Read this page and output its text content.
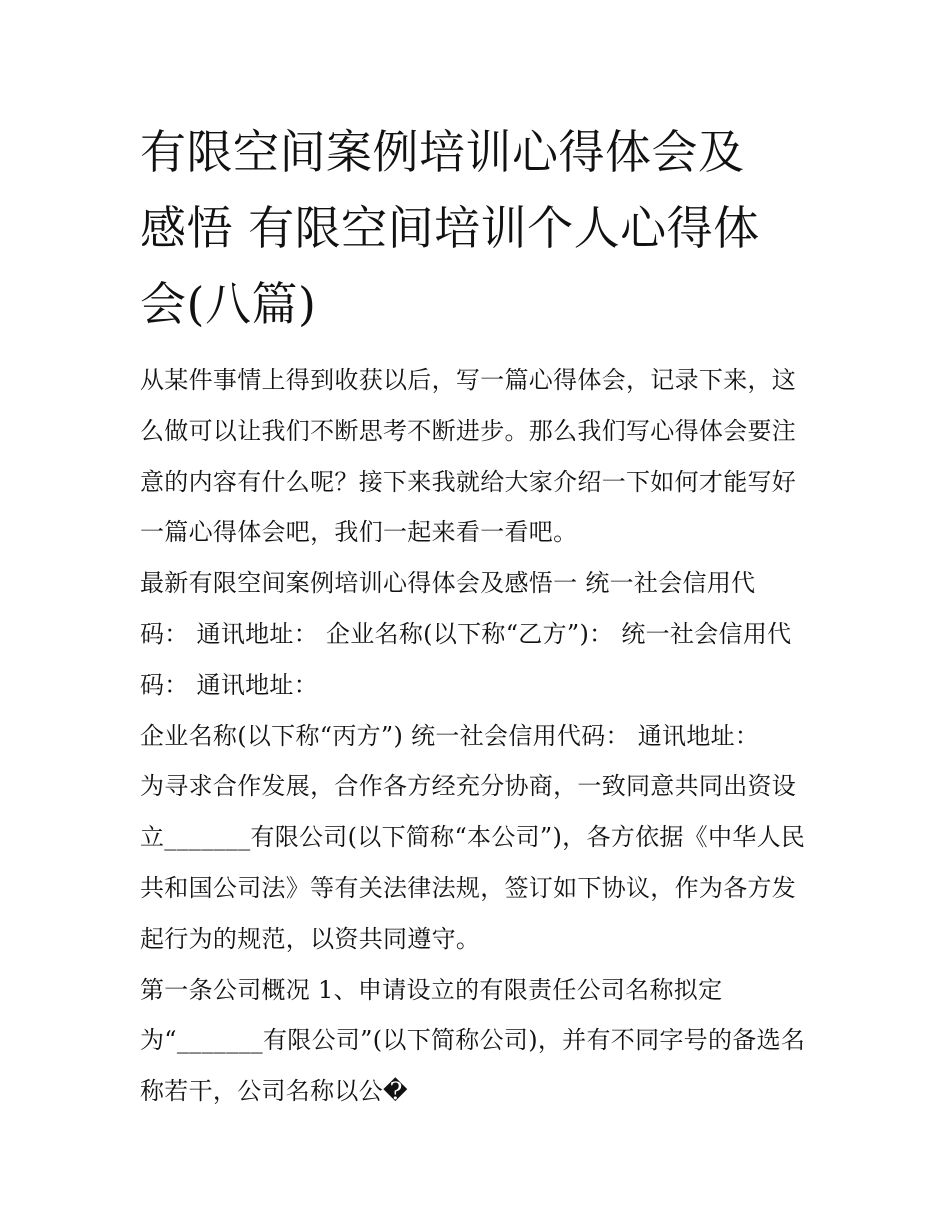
有限空间案例培训心得体会及
感悟 有限空间培训个人心得体
会(八篇)
从某件事情上得到收获以后，写一篇心得体会，记录下来，这
么做可以让我们不断思考不断进步。那么我们写心得体会要注
意的内容有什么呢？接下来我就给大家介绍一下如何才能写好
一篇心得体会吧，我们一起来看一看吧。
最新有限空间案例培训心得体会及感悟一 统一社会信用代
码： 通讯地址： 企业名称(以下称“乙方”)： 统一社会信用代
码： 通讯地址：
企业名称(以下称“丙方”) 统一社会信用代码： 通讯地址：
为寻求合作发展，合作各方经充分协商，一致同意共同出资设
立_______有限公司(以下简称“本公司”)，各方依据《中华人民
共和国公司法》等有关法律法规，签订如下协议，作为各方发
起行为的规范，以资共同遵守。
第一条公司概况 1、申请设立的有限责任公司名称拟定
为“_______有限公司”(以下简称公司)，并有不同字号的备选名
称若干，公司名称以公�
